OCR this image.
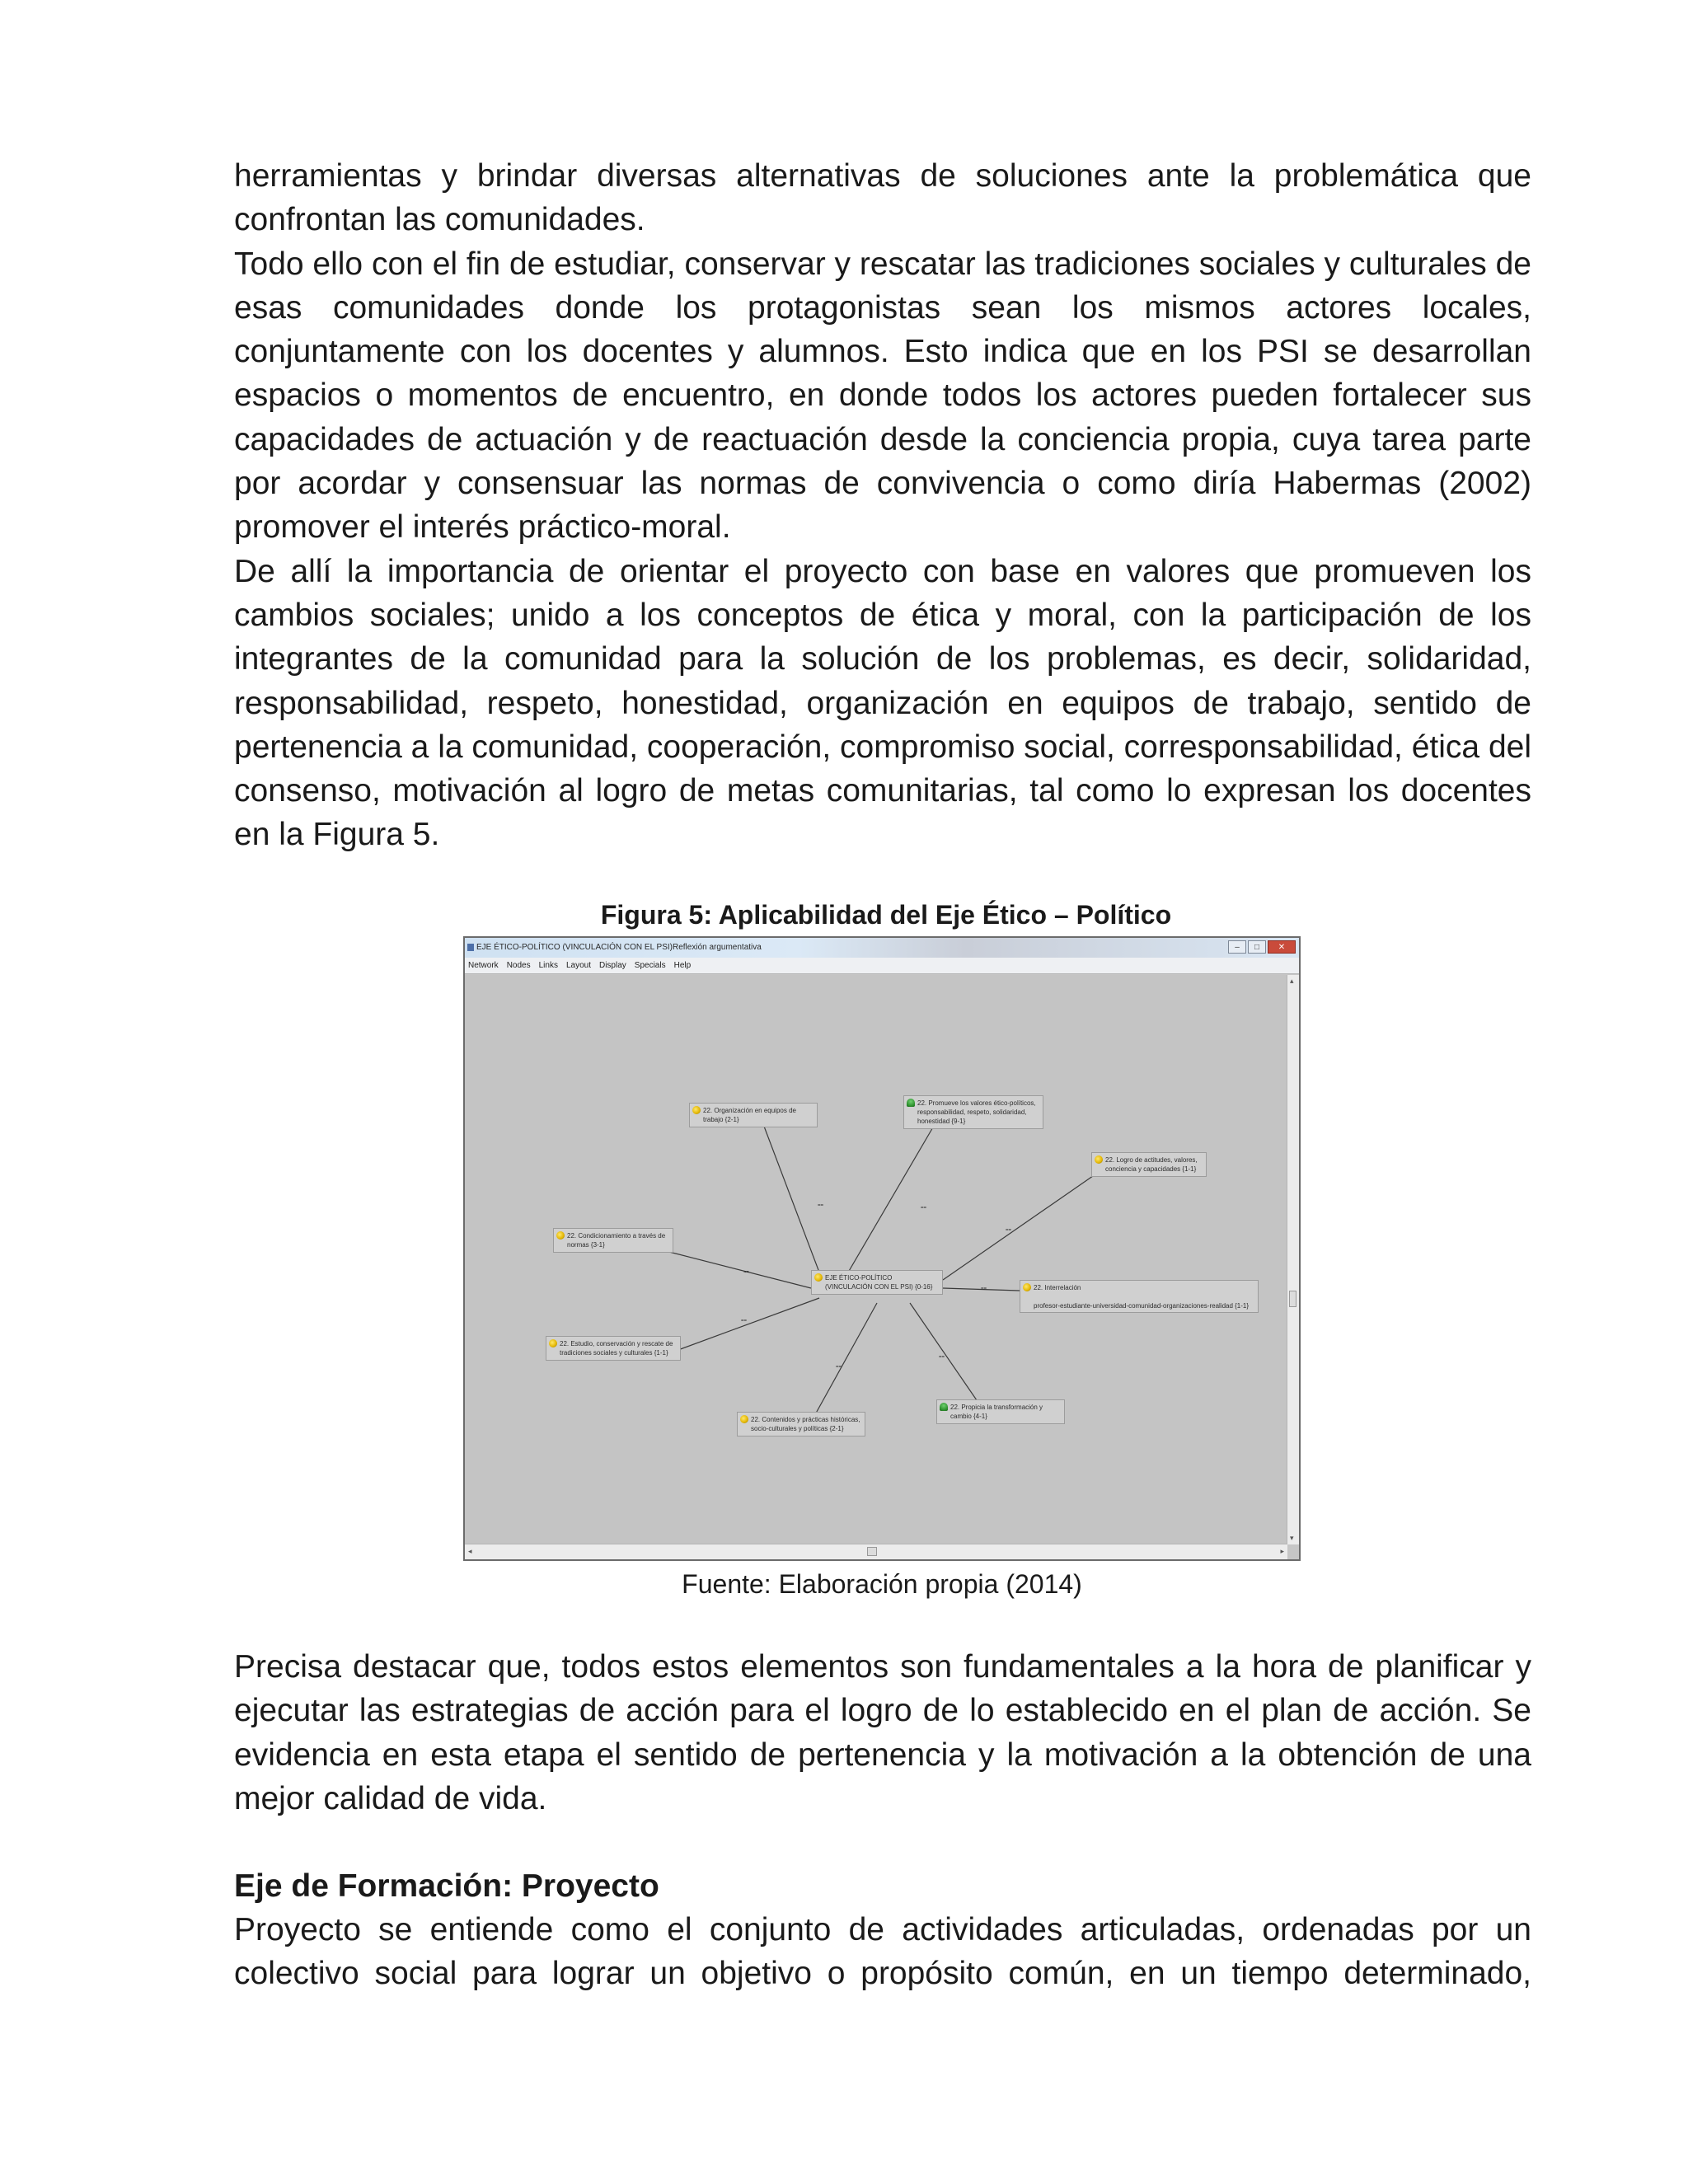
herramientas y brindar diversas alternativas de soluciones ante la problemática que confrontan las comunidades.

Todo ello con el fin de estudiar, conservar y rescatar las tradiciones sociales y culturales de esas comunidades donde los protagonistas sean los mismos actores locales, conjuntamente con los docentes y alumnos. Esto indica que en los PSI se desarrollan espacios o momentos de encuentro, en donde todos los actores pueden fortalecer sus capacidades de actuación y de reactuación desde la conciencia propia, cuya tarea parte por acordar y consensuar las normas de convivencia o como diría Habermas (2002) promover el interés práctico-moral.

De allí la importancia de orientar el proyecto con base en valores que promueven los cambios sociales; unido a los conceptos de ética y moral, con la participación de los integrantes de la comunidad para la solución de los problemas, es decir, solidaridad, responsabilidad, respeto, honestidad, organización en equipos de trabajo, sentido de pertenencia a la comunidad, cooperación, compromiso social, corresponsabilidad, ética del consenso, motivación al logro de metas comunitarias, tal como lo expresan los docentes en la Figura 5.

Figura 5: Aplicabilidad del Eje Ético – Político
EJE ÉTICO-POLÍTICO (VINCULACIÓN CON EL PSI)Reflexión argumentativa	–	□	✕
Network Nodes Links Layout Display Specials Help
==	==
==
==
==
==
==
==
EJE ÉTICO-POLÍTICO (VINCULACIÓN CON EL PSI) {0-16}
22. Organización en equipos de trabajo {2-1}
22. Promueve los valores ético-políticos, responsabilidad, respeto, solidaridad, honestidad {9-1}
22. Logro de actitudes, valores, conciencia y capacidades {1-1}
22. Condicionamiento a través de normas {3-1}
22. Interrelación

profesor-estudiante-universidad-comunidad-organizaciones-realidad {1-1}
22. Estudio, conservación y rescate de tradiciones sociales y culturales {1-1}
22. Contenidos y prácticas históricas, socio-culturales y políticas {2-1}
22. Propicia la transformación y cambio {4-1}
▴
▾
◂	▸
Fuente: Elaboración propia (2014)

Precisa destacar que, todos estos elementos son fundamentales a la hora de planificar y ejecutar las estrategias de acción para el logro de lo establecido en el plan de acción. Se evidencia en esta etapa el sentido de pertenencia y la motivación a la obtención de una mejor calidad de vida.

Eje de Formación: Proyecto

Proyecto se entiende como el conjunto de actividades articuladas, ordenadas por un colectivo social para lograr un objetivo o propósito común, en un tiempo determinado,
